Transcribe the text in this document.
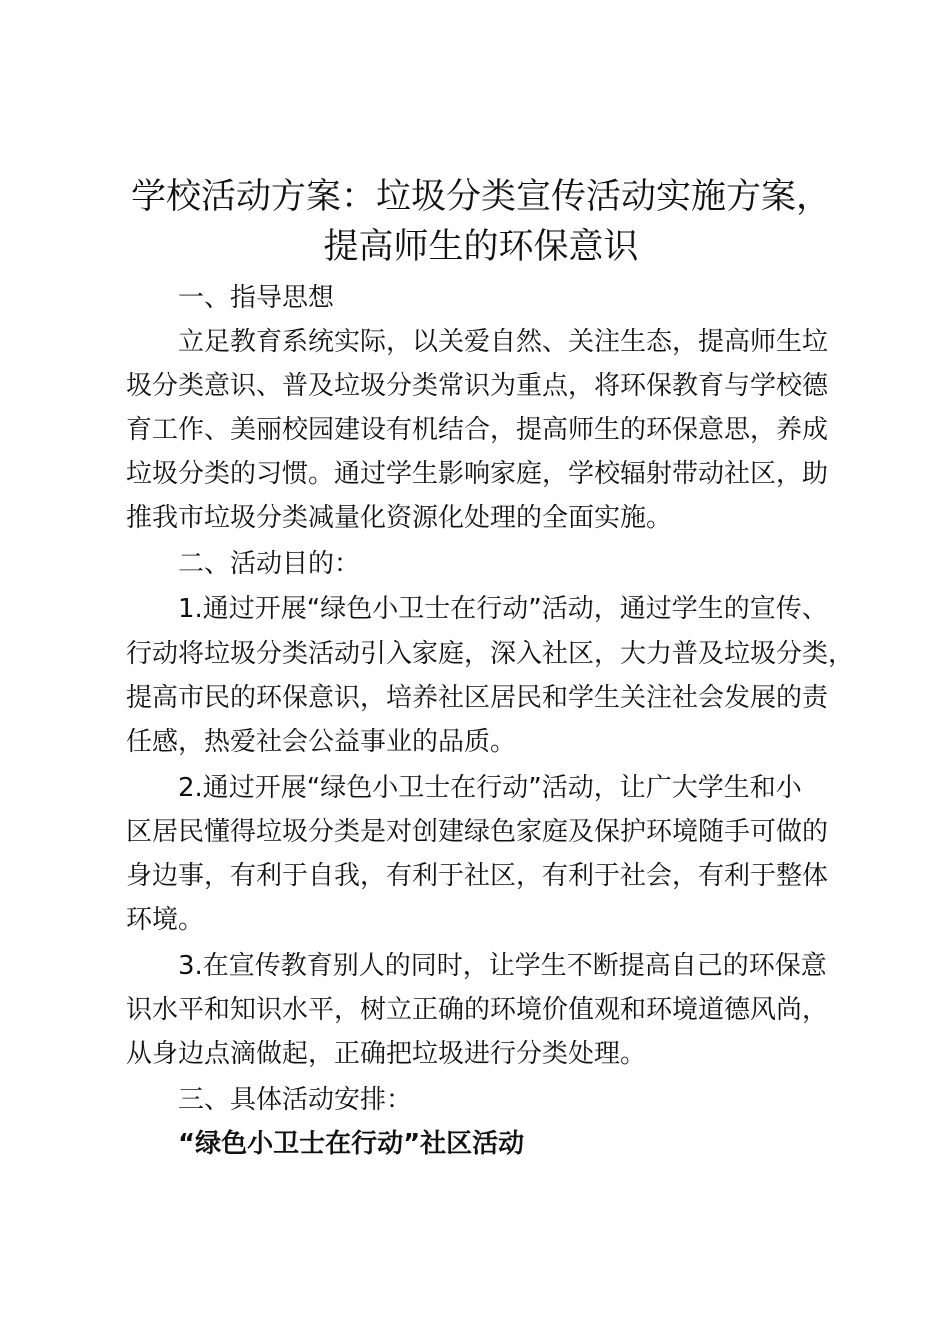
学校活动方案：垃圾分类宣传活动实施方案，
提高师生的环保意识

一、指导思想

立足教育系统实际，以关爱自然、关注生态，提高师生垃

圾分类意识、普及垃圾分类常识为重点，将环保教育与学校德

育工作、美丽校园建设有机结合，提高师生的环保意思，养成

垃圾分类的习惯。通过学生影响家庭，学校辐射带动社区，助

推我市垃圾分类减量化资源化处理的全面实施。

二、活动目的：

1.通过开展“绿色小卫士在行动”活动，通过学生的宣传、

行动将垃圾分类活动引入家庭，深入社区，大力普及垃圾分类，

提高市民的环保意识，培养社区居民和学生关注社会发展的责

任感，热爱社会公益事业的品质。

2.通过开展“绿色小卫士在行动”活动，让广大学生和小

区居民懂得垃圾分类是对创建绿色家庭及保护环境随手可做的

身边事，有利于自我，有利于社区，有利于社会，有利于整体

环境。

3.在宣传教育别人的同时，让学生不断提高自己的环保意

识水平和知识水平，树立正确的环境价值观和环境道德风尚，

从身边点滴做起，正确把垃圾进行分类处理。

三、具体活动安排：

“绿色小卫士在行动”社区活动
